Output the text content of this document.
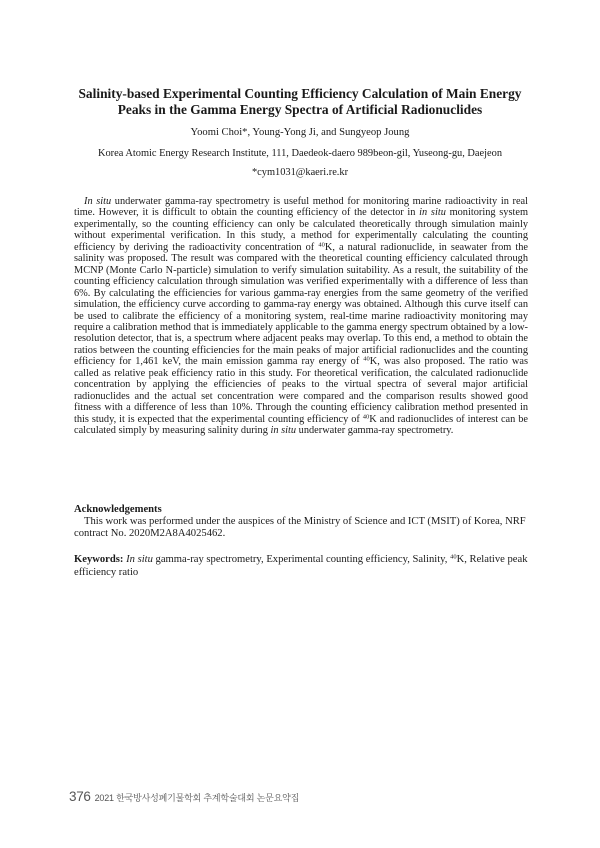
Salinity-based Experimental Counting Efficiency Calculation of Main Energy
Peaks in the Gamma Energy Spectra of Artificial Radionuclides
Yoomi Choi*, Young-Yong Ji, and Sungyeop Joung
Korea Atomic Energy Research Institute, 111, Daedeok-daero 989beon-gil, Yuseong-gu, Daejeon
*cym1031@kaeri.re.kr

In situ underwater gamma-ray spectrometry is useful method for monitoring marine radioactivity in real time. However, it is difficult to obtain the counting efficiency of the detector in in situ monitoring system experimentally, so the counting efficiency can only be calculated theoretically through simulation mainly without experimental verification. In this study, a method for experimentally calculating the counting efficiency by deriving the radioactivity concentration of $^{40}$K, a natural radionuclide, in seawater from the salinity was proposed. The result was compared with the theoretical counting efficiency calculated through MCNP (Monte Carlo N-particle) simulation to verify simulation suitability. As a result, the suitability of the counting efficiency calculation through simulation was verified experimentally with a difference of less than 6%. By calculating the efficiencies for various gamma-ray energies from the same geometry of the verified simulation, the efficiency curve according to gamma-ray energy was obtained. Although this curve itself can be used to calibrate the efficiency of a monitoring system, real-time marine radioactivity monitoring may require a calibration method that is immediately applicable to the gamma energy spectrum obtained by a low-resolution detector, that is, a spectrum where adjacent peaks may overlap. To this end, a method to obtain the ratios between the counting efficiencies for the main peaks of major artificial radionuclides and the counting efficiency for 1,461 keV, the main emission gamma ray energy of $^{40}$K, was also proposed. The ratio was called as relative peak efficiency ratio in this study. For theoretical verification, the calculated radionuclide concentration by applying the efficiencies of peaks to the virtual spectra of several major artificial radionuclides and the actual set concentration were compared and the comparison results showed good fitness with a difference of less than 10%. Through the counting efficiency calibration method presented in this study, it is expected that the experimental counting efficiency of $^{40}$K and radionuclides of interest can be calculated simply by measuring salinity during in situ underwater gamma-ray spectrometry.

Acknowledgements

This work was performed under the auspices of the Ministry of Science and ICT (MSIT) of Korea, NRF contract No. 2020M2A8A4025462.

Keywords: In situ gamma-ray spectrometry, Experimental counting efficiency, Salinity, $^{40}$K, Relative peak efficiency ratio

376 2021 한국방사성폐기물학회 추계학술대회 논문요약집
